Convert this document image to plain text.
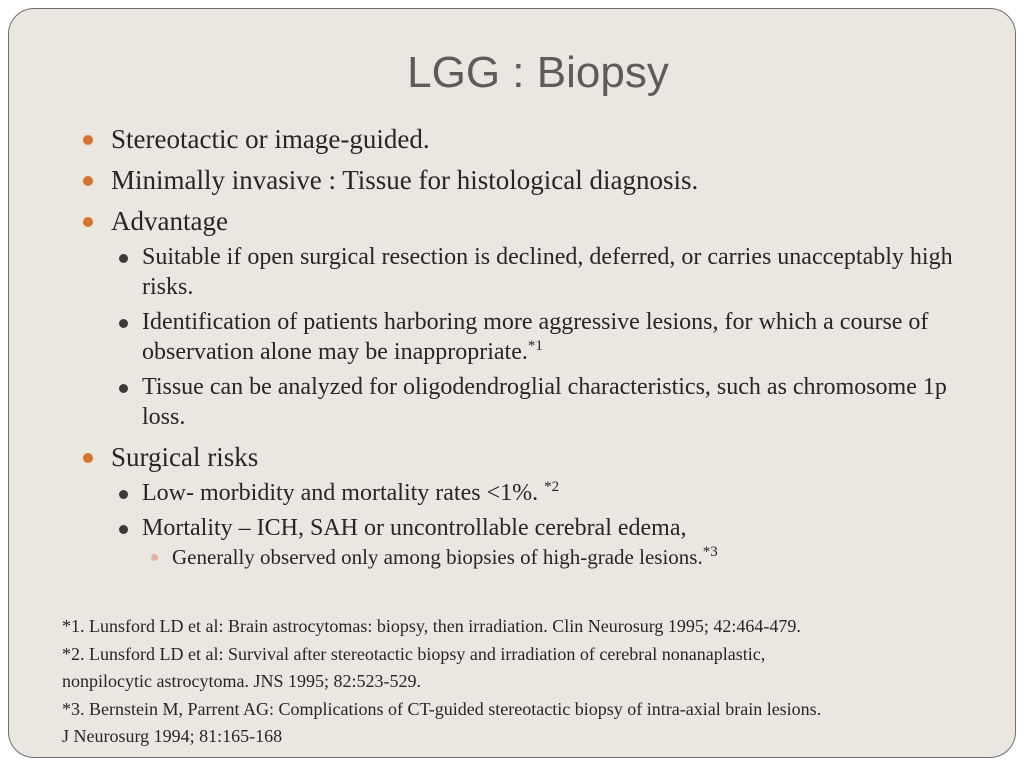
LGG : Biopsy
Stereotactic or image-guided.
Minimally invasive : Tissue for histological diagnosis.
Advantage
Suitable if open surgical resection is declined, deferred, or carries unacceptably high risks.
Identification of patients harboring more aggressive lesions, for which a course of observation alone may be inappropriate.$^{*1}$
Tissue can be analyzed for oligodendroglial characteristics, such as chromosome 1p loss.
Surgical risks
Low- morbidity and mortality rates <1%. $^{*2}$
Mortality – ICH, SAH or uncontrollable cerebral edema,
Generally observed only among biopsies of high-grade lesions.$^{*3}$
*1. Lunsford LD et al: Brain astrocytomas: biopsy, then irradiation. Clin Neurosurg 1995; 42:464-479.
*2. Lunsford LD et al: Survival after stereotactic biopsy and irradiation of cerebral nonanaplastic,
nonpilocytic astrocytoma. JNS 1995; 82:523-529.
*3. Bernstein M, Parrent AG: Complications of CT-guided stereotactic biopsy of intra-axial brain lesions.
J Neurosurg 1994; 81:165-168
